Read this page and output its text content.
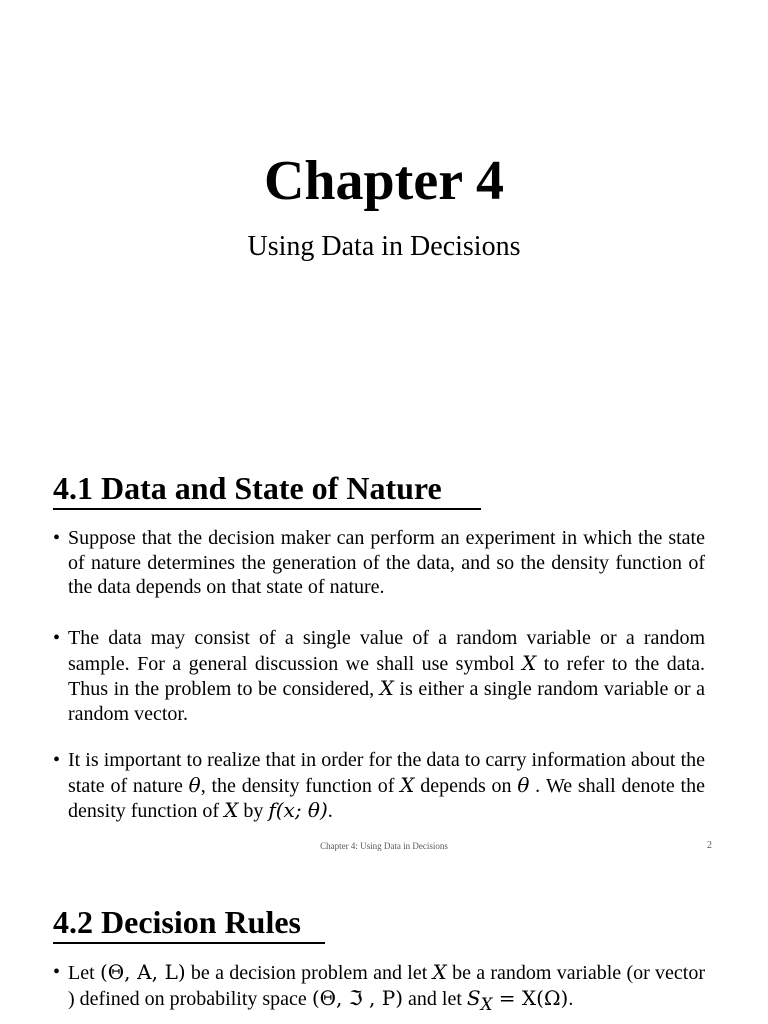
Chapter 4

Using Data in Decisions

4.1 Data and State of Nature
• Suppose that the decision maker can perform an experiment in which the state of nature determines the generation of the data, and so the density function of the data depends on that state of nature.
• The data may consist of a single value of a random variable or a random sample. For a general discussion we shall use symbol X to refer to the data. Thus in the problem to be considered, X is either a single random variable or a random vector.
• It is important to realize that in order for the data to carry information about the state of nature θ, the density function of X depends on θ . We shall denote the density function of X by f(x; θ).
Chapter 4: Using Data in Decisions	2
4.2 Decision Rules
• Let (Θ, A, L) be a decision problem and let X be a random variable (or vector ) defined on probability space (Θ, ℑ , P) and let $S_X = X(\Omega)$.
